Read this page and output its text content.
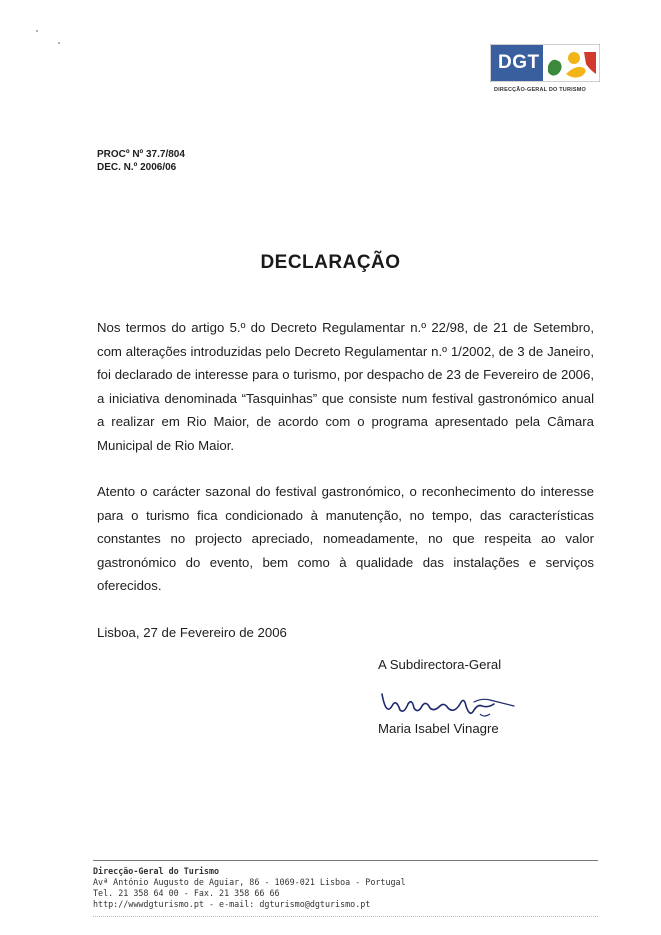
DGT
DIRECÇÃO-GERAL DO TURISMO
PROCº Nº 37.7/804
DEC. N.º 2006/06
DECLARAÇÃO

Nos termos do artigo 5.º do Decreto Regulamentar n.º 22/98, de 21 de Setembro, com alterações introduzidas pelo Decreto Regulamentar n.º 1/2002, de 3 de Janeiro, foi declarado de interesse para o turismo, por despacho de 23 de Fevereiro de 2006, a iniciativa denominada “Tasquinhas” que consiste num festival gastronómico anual a realizar em Rio Maior, de acordo com o programa apresentado pela Câmara Municipal de Rio Maior.

Atento o carácter sazonal do festival gastronómico, o reconhecimento do interesse para o turismo fica condicionado à manutenção, no tempo, das características constantes no projecto apreciado, nomeadamente, no que respeita ao valor gastronómico do evento, bem como à qualidade das instalações e serviços oferecidos.

Lisboa, 27 de Fevereiro de 2006
A Subdirectora-Geral
Maria Isabel Vinagre
Direcção-Geral do Turismo
Avª António Augusto de Aguiar, 86 - 1069-021 Lisboa - Portugal
Tel. 21 358 64 00 - Fax. 21 358 66 66
http://wwwdgturismo.pt - e-mail: dgturismo@dgturismo.pt
